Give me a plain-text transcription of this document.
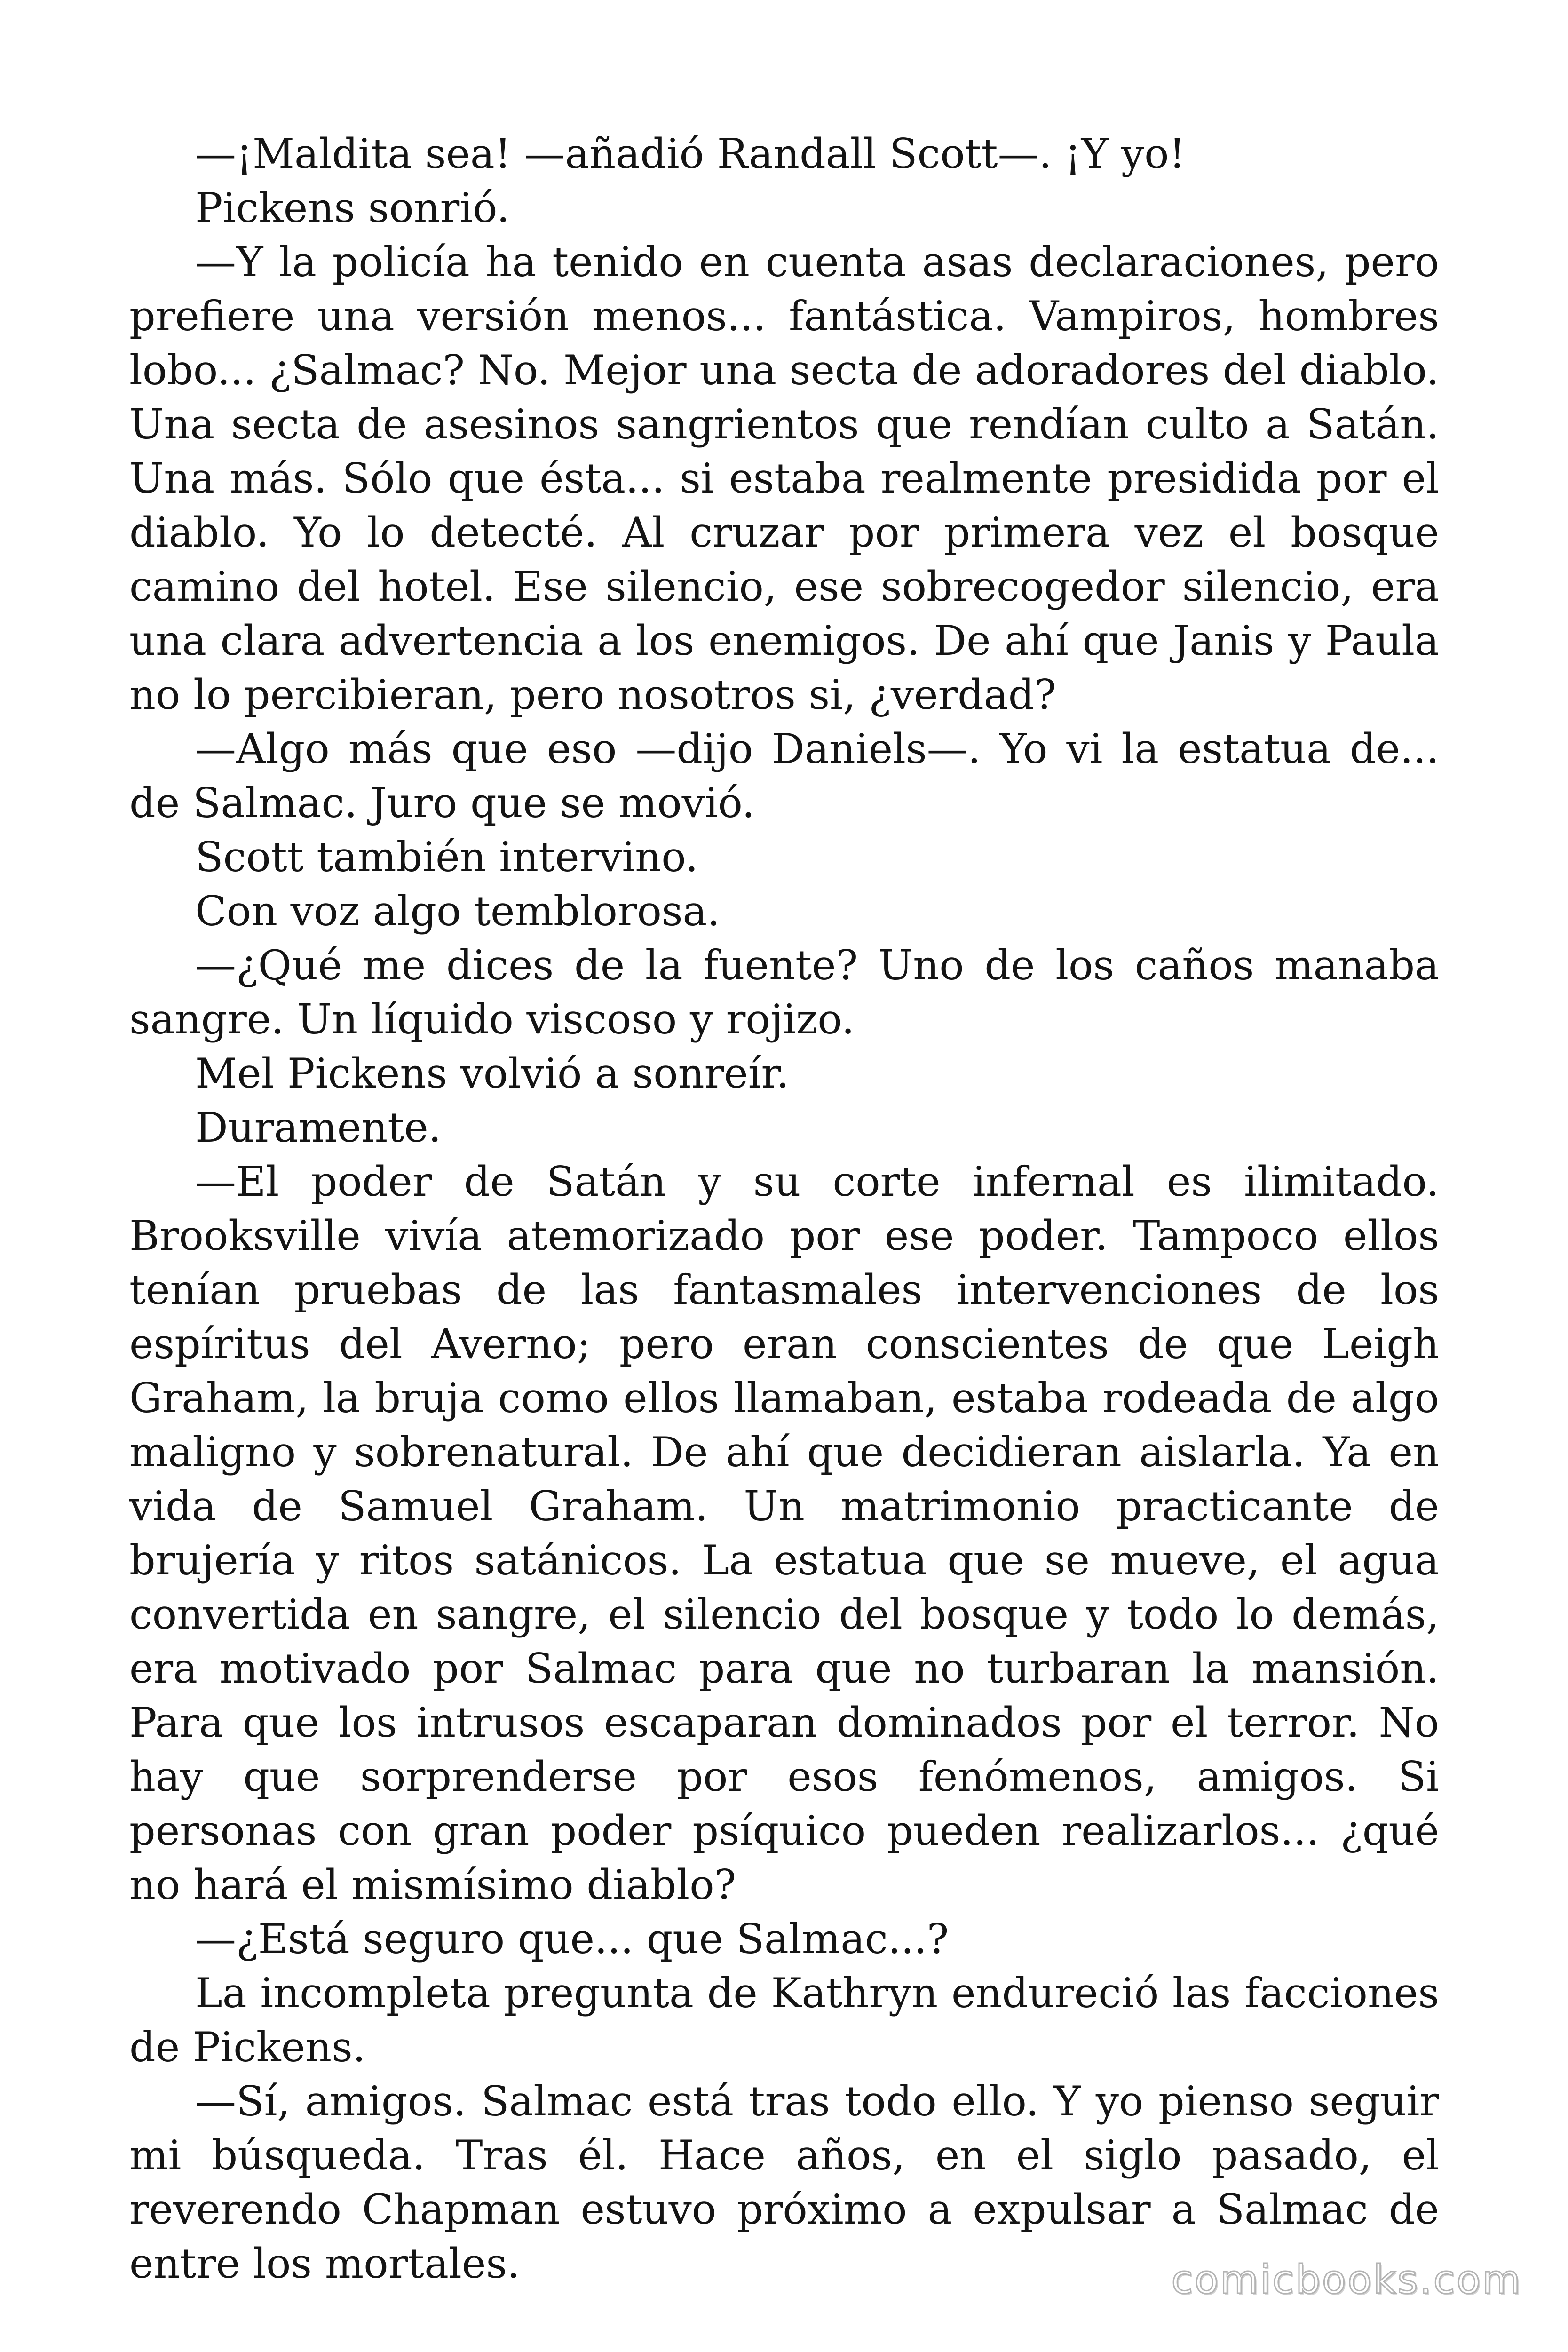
—¡Maldita sea! —añadió Randall Scott—. ¡Y yo!

Pickens sonrió.

—Y la policía ha tenido en cuenta asas declaraciones, pero prefiere una versión menos... fantástica. Vampiros, hombres lobo... ¿Salmac? No. Mejor una secta de adoradores del diablo. Una secta de asesinos sangrientos que rendían culto a Satán. Una más. Sólo que ésta... si estaba realmente presidida por el diablo. Yo lo detecté. Al cruzar por primera vez el bosque camino del hotel. Ese silencio, ese sobrecogedor silencio, era una clara advertencia a los enemigos. De ahí que Janis y Paula no lo percibieran, pero nosotros si, ¿verdad?

—Algo más que eso —dijo Daniels—. Yo vi la estatua de... de Salmac. Juro que se movió.

Scott también intervino.

Con voz algo temblorosa.

—¿Qué me dices de la fuente? Uno de los caños manaba sangre. Un líquido viscoso y rojizo.

Mel Pickens volvió a sonreír.

Duramente.

—El poder de Satán y su corte infernal es ilimitado. Brooksville vivía atemorizado por ese poder. Tampoco ellos tenían pruebas de las fantasmales intervenciones de los espíritus del Averno; pero eran conscientes de que Leigh Graham, la bruja como ellos llamaban, estaba rodeada de algo maligno y sobrenatural. De ahí que decidieran aislarla. Ya en vida de Samuel Graham. Un matrimonio practicante de brujería y ritos satánicos. La estatua que se mueve, el agua convertida en sangre, el silencio del bosque y todo lo demás, era motivado por Salmac para que no turbaran la mansión. Para que los intrusos escaparan dominados por el terror. No hay que sorprenderse por esos fenómenos, amigos. Si personas con gran poder psíquico pueden realizarlos... ¿qué no hará el mismísimo diablo?

—¿Está seguro que... que Salmac...?

La incompleta pregunta de Kathryn endureció las facciones de Pickens.

—Sí, amigos. Salmac está tras todo ello. Y yo pienso seguir mi búsqueda. Tras él. Hace años, en el siglo pasado, el reverendo Chapman estuvo próximo a expulsar a Salmac de entre los mortales.	comicbooks.com
